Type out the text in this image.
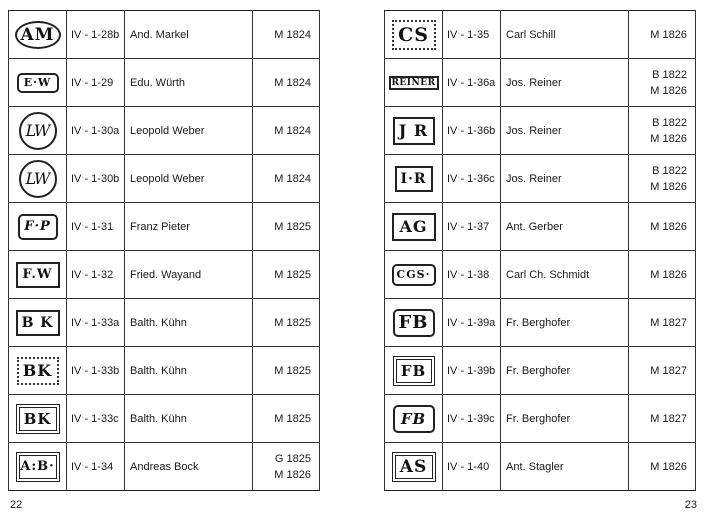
AM	IV - 1-28b	And. Markel	M 1824

E·W	IV - 1-29	Edu. Würth	M 1824

LW	IV - 1-30a	Leopold Weber	M 1824

LW	IV - 1-30b	Leopold Weber	M 1824

F·P	IV - 1-31	Franz Pieter	M 1825

F.W	IV - 1-32	Fried. Wayand	M 1825

B K	IV - 1-33a	Balth. Kühn	M 1825

BK	IV - 1-33b	Balth. Kühn	M 1825

BK	IV - 1-33c	Balth. Kühn	M 1825

A:B·	IV - 1-34	Andreas Bock	G 1825
M 1826
CS	IV - 1-35	Carl Schill	M 1826

REINER	IV - 1-36a	Jos. Reiner	B 1822
M 1826

J R	IV - 1-36b	Jos. Reiner	B 1822
M 1826

I·R	IV - 1-36c	Jos. Reiner	B 1822
M 1826

AG	IV - 1-37	Ant. Gerber	M 1826

CGS·	IV - 1-38	Carl Ch. Schmidt	M 1826

FB	IV - 1-39a	Fr. Berghofer	M 1827

FB	IV - 1-39b	Fr. Berghofer	M 1827

FB	IV - 1-39c	Fr. Berghofer	M 1827

AS	IV - 1-40	Ant. Stagler	M 1826
22	23
